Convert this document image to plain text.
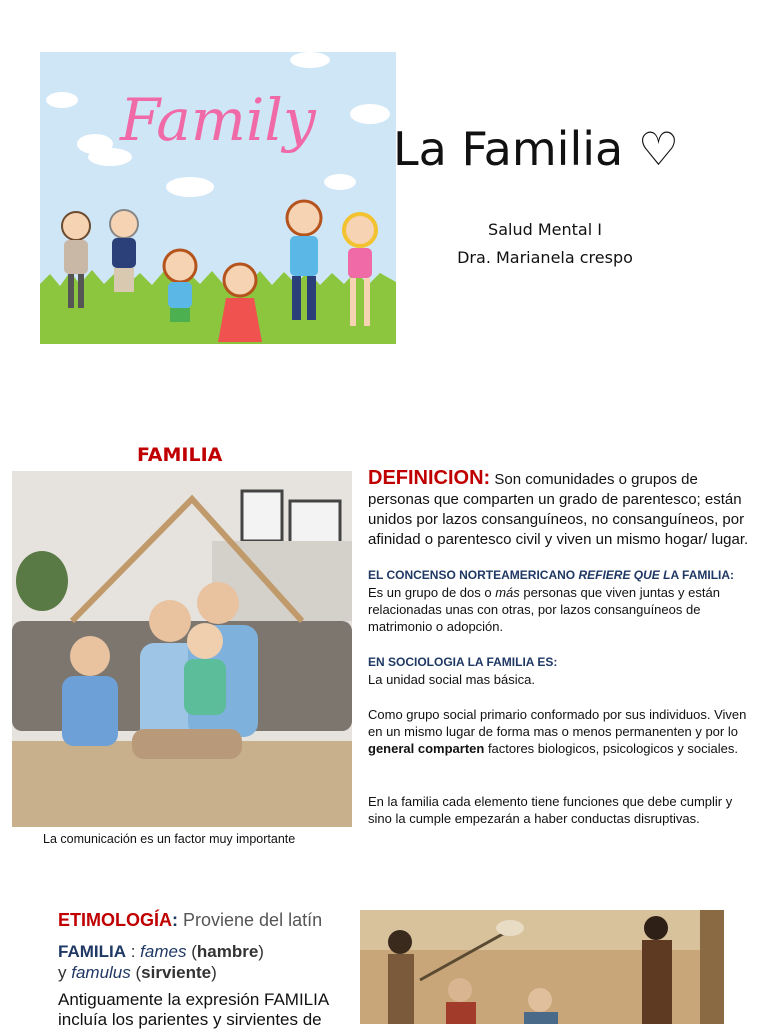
Family La Familia ♡
Salud Mental I
Dra. Marianela crespo
FAMILIA
La comunicación es un factor muy importante
DEFINICION: Son comunidades o grupos de personas que comparten un grado de parentesco; están unidos por lazos consanguíneos, no consanguíneos, por afinidad o parentesco civil y viven un mismo hogar/ lugar.
EL CONCENSO NORTEAMERICANO REFIERE QUE LA FAMILIA:
Es un grupo de dos o más personas que viven juntas y están relacionadas unas con otras, por lazos consanguíneos de matrimonio o adopción.
EN SOCIOLOGIA LA FAMILIA ES:
La unidad social mas básica.
Como grupo social primario conformado por sus individuos. Viven en un mismo lugar de forma mas o menos permanenten y por lo general comparten factores biologicos, psicologicos y sociales.
En la familia cada elemento tiene funciones que debe cumplir y sino la cumple empezarán a haber conductas disruptivas.
ETIMOLOGÍA: Proviene del latín
FAMILIA : fames (hambre)
y famulus (sirviente)
Antiguamente la expresión FAMILIA
incluía los parientes y sirvientes de
